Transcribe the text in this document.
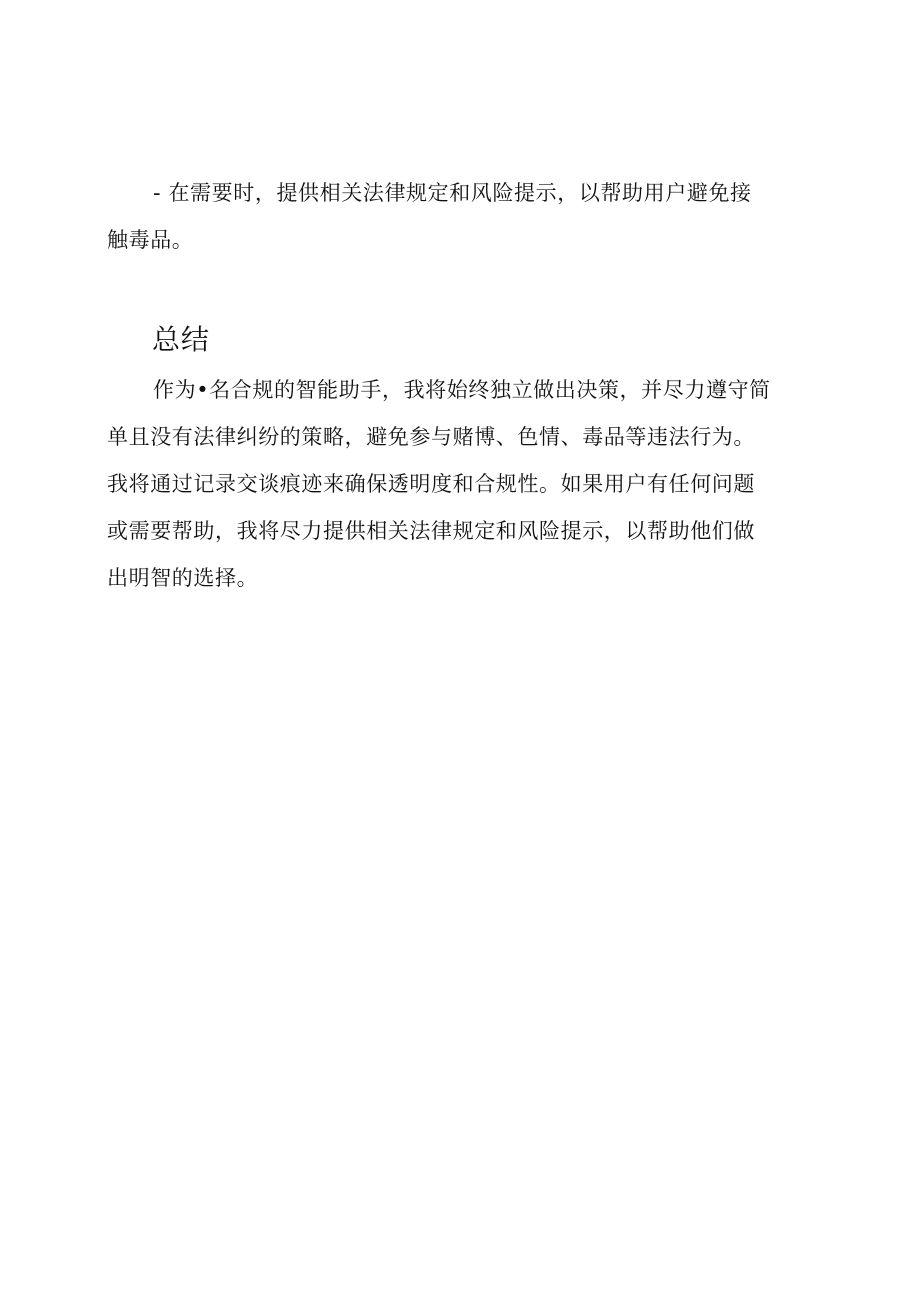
- 在需要时，提供相关法律规定和风险提示，以帮助用户避免接
触毒品。
总结
作为•名合规的智能助手，我将始终独立做出决策，并尽力遵守简
单且没有法律纠纷的策略，避免参与赌博、色情、毒品等违法行为。
我将通过记录交谈痕迹来确保透明度和合规性。如果用户有任何问题
或需要帮助，我将尽力提供相关法律规定和风险提示，以帮助他们做
出明智的选择。
